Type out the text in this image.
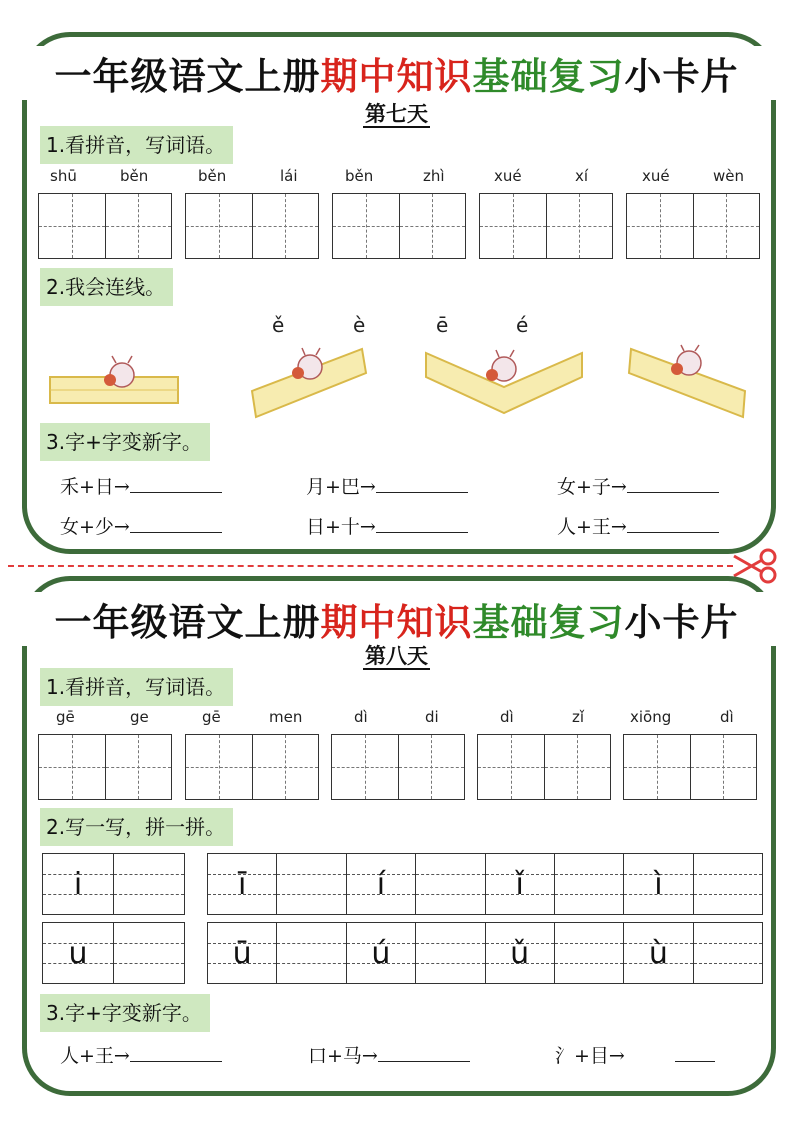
一年级语文上册期中知识基础复习小卡片
第七天
1.看拼音，写词语。
shū	běn	běn	lái	běn	zhì	xué	xí	xué	wèn
2.我会连线。
ě	è	ē	é
3.字+字变新字。
禾+日→	月+巴→	女+子→
女+少→	日+十→	人+王→
一年级语文上册期中知识基础复习小卡片
第八天
1.看拼音，写词语。
gē	ge	gē	men	dì	di	dì	zǐ	xiōng	dì
2.写一写，拼一拼。
i	ī	í	ǐ	ì
u	ū	ú	ǔ	ù
3.字+字变新字。
人+王→	口+马→	氵+目→
